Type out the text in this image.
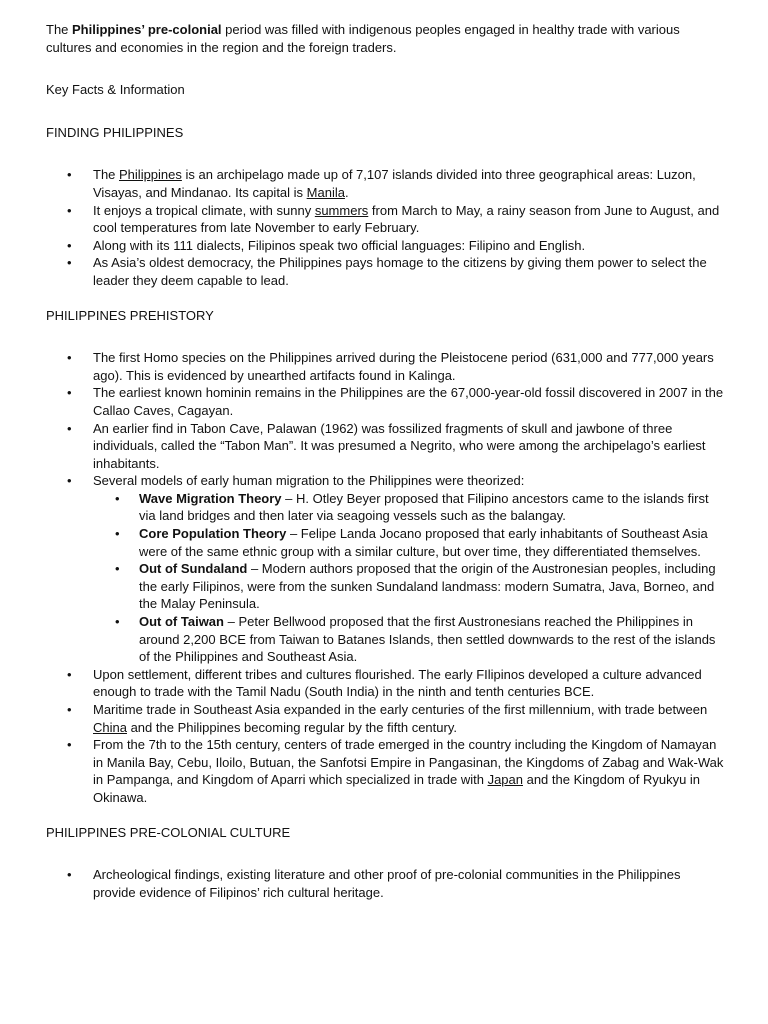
The Philippines’ pre-colonial period was filled with indigenous peoples engaged in healthy trade with various cultures and economies in the region and the foreign traders.

Key Facts & Information

FINDING PHILIPPINES

• The Philippines is an archipelago made up of 7,107 islands divided into three geographical areas: Luzon, Visayas, and Mindanao. Its capital is Manila.
• It enjoys a tropical climate, with sunny summers from March to May, a rainy season from June to August, and cool temperatures from late November to early February.
• Along with its 111 dialects, Filipinos speak two official languages: Filipino and English.
• As Asia’s oldest democracy, the Philippines pays homage to the citizens by giving them power to select the leader they deem capable to lead.

PHILIPPINES PREHISTORY

• The first Homo species on the Philippines arrived during the Pleistocene period (631,000 and 777,000 years ago). This is evidenced by unearthed artifacts found in Kalinga.
• The earliest known hominin remains in the Philippines are the 67,000-year-old fossil discovered in 2007 in the Callao Caves, Cagayan.
• An earlier find in Tabon Cave, Palawan (1962) was fossilized fragments of skull and jawbone of three individuals, called the “Tabon Man”. It was presumed a Negrito, who were among the archipelago’s earliest inhabitants.
• Several models of early human migration to the Philippines were theorized:
• Wave Migration Theory – H. Otley Beyer proposed that Filipino ancestors came to the islands first via land bridges and then later via seagoing vessels such as the balangay.
• Core Population Theory – Felipe Landa Jocano proposed that early inhabitants of Southeast Asia were of the same ethnic group with a similar culture, but over time, they differentiated themselves.
• Out of Sundaland – Modern authors proposed that the origin of the Austronesian peoples, including the early Filipinos, were from the sunken Sundaland landmass: modern Sumatra, Java, Borneo, and the Malay Peninsula.
• Out of Taiwan – Peter Bellwood proposed that the first Austronesians reached the Philippines in around 2,200 BCE from Taiwan to Batanes Islands, then settled downwards to the rest of the islands of the Philippines and Southeast Asia.
• Upon settlement, different tribes and cultures flourished. The early FIlipinos developed a culture advanced enough to trade with the Tamil Nadu (South India) in the ninth and tenth centuries BCE.
• Maritime trade in Southeast Asia expanded in the early centuries of the first millennium, with trade between China and the Philippines becoming regular by the fifth century.
• From the 7th to the 15th century, centers of trade emerged in the country including the Kingdom of Namayan in Manila Bay, Cebu, Iloilo, Butuan, the Sanfotsi Empire in Pangasinan, the Kingdoms of Zabag and Wak-Wak in Pampanga, and Kingdom of Aparri which specialized in trade with Japan and the Kingdom of Ryukyu in Okinawa.

PHILIPPINES PRE-COLONIAL CULTURE

• Archeological findings, existing literature and other proof of pre-colonial communities in the Philippines provide evidence of Filipinos’ rich cultural heritage.
